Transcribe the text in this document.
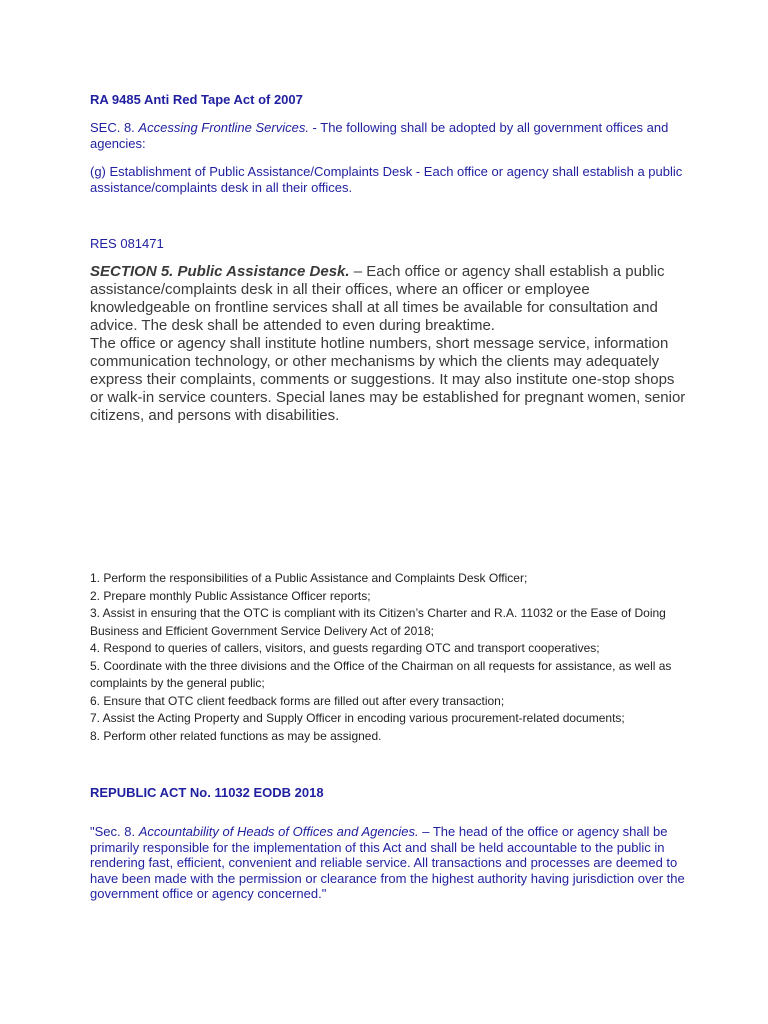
RA 9485 Anti Red Tape Act of 2007

SEC. 8. Accessing Frontline Services. - The following shall be adopted by all government offices and agencies:

(g) Establishment of Public Assistance/Complaints Desk - Each office or agency shall establish a public assistance/complaints desk in all their offices.

RES 081471

SECTION 5. Public Assistance Desk. – Each office or agency shall establish a public assistance/complaints desk in all their offices, where an officer or employee knowledgeable on frontline services shall at all times be available for consultation and advice. The desk shall be attended to even during breaktime.
The office or agency shall institute hotline numbers, short message service, information communication technology, or other mechanisms by which the clients may adequately express their complaints, comments or suggestions. It may also institute one-stop shops or walk-in service counters. Special lanes may be established for pregnant women, senior citizens, and persons with disabilities.

1. Perform the responsibilities of a Public Assistance and Complaints Desk Officer;
2. Prepare monthly Public Assistance Officer reports;
3. Assist in ensuring that the OTC is compliant with its Citizen’s Charter and R.A. 11032 or the Ease of Doing Business and Efficient Government Service Delivery Act of 2018;
4. Respond to queries of callers, visitors, and guests regarding OTC and transport cooperatives;
5. Coordinate with the three divisions and the Office of the Chairman on all requests for assistance, as well as complaints by the general public;
6. Ensure that OTC client feedback forms are filled out after every transaction;
7. Assist the Acting Property and Supply Officer in encoding various procurement-related documents;
8. Perform other related functions as may be assigned.

REPUBLIC ACT No. 11032 EODB 2018

"Sec. 8. Accountability of Heads of Offices and Agencies. – The head of the office or agency shall be primarily responsible for the implementation of this Act and shall be held accountable to the public in rendering fast, efficient, convenient and reliable service. All transactions and processes are deemed to have been made with the permission or clearance from the highest authority having jurisdiction over the government office or agency concerned."
